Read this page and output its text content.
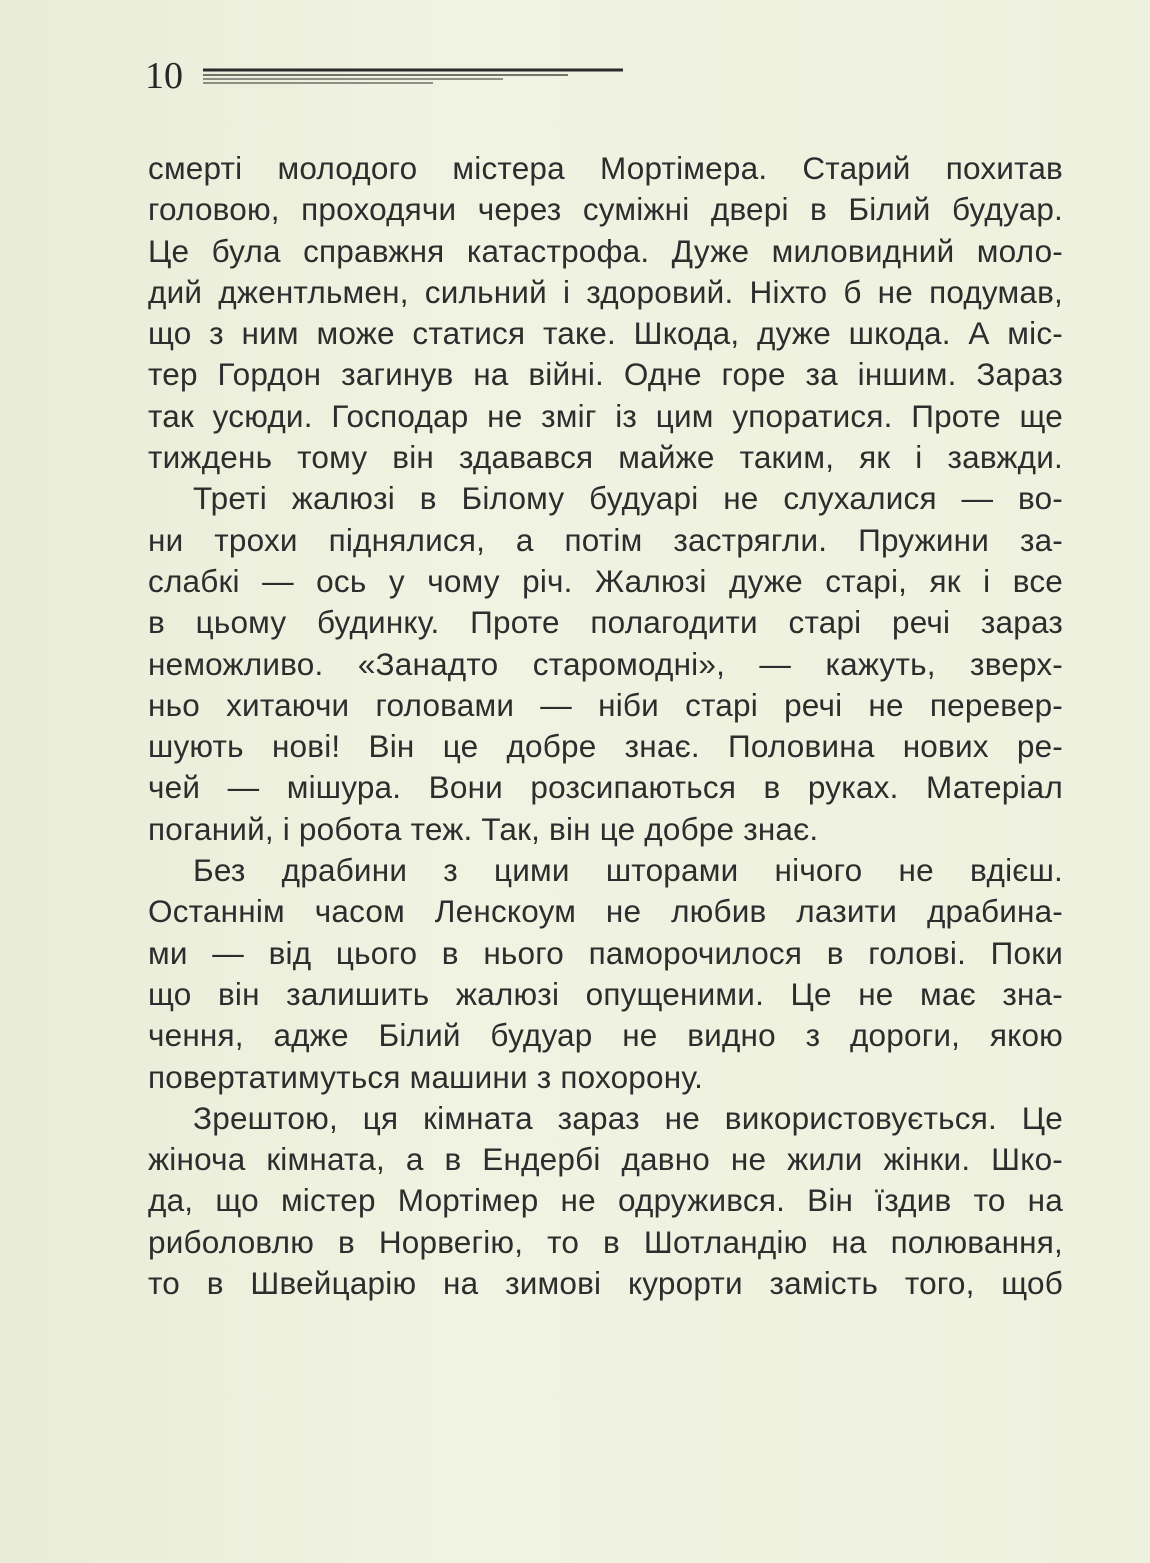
10
смерті молодого містера Мортімера. Старий похитав
головою, проходячи через суміжні двері в Білий будуар.
Це була справжня катастрофа. Дуже миловидний моло-
дий джентльмен, сильний і здоровий. Ніхто б не подумав,
що з ним може статися таке. Шкода, дуже шкода. А міс-
тер Гордон загинув на війні. Одне горе за іншим. Зараз
так усюди. Господар не зміг із цим упоратися. Проте ще
тиждень тому він здавався майже таким, як і завжди.
Треті жалюзі в Білому будуарі не слухалися — во-
ни трохи піднялися, а потім застрягли. Пружини за-
слабкі — ось у чому річ. Жалюзі дуже старі, як і все
в цьому будинку. Проте полагодити старі речі зараз
неможливо. «Занадто старомодні», — кажуть, зверх-
ньо хитаючи головами — ніби старі речі не перевер-
шують нові! Він це добре знає. Половина нових ре-
чей — мішура. Вони розсипаються в руках. Матеріал
поганий, і робота теж. Так, він це добре знає.
Без драбини з цими шторами нічого не вдієш.
Останнім часом Ленскоум не любив лазити драбина-
ми — від цього в нього паморочилося в голові. Поки
що він залишить жалюзі опущеними. Це не має зна-
чення, адже Білий будуар не видно з дороги, якою
повертатимуться машини з похорону.
Зрештою, ця кімната зараз не використовується. Це
жіноча кімната, а в Ендербі давно не жили жінки. Шко-
да, що містер Мортімер не одружився. Він їздив то на
риболовлю в Норвегію, то в Шотландію на полювання,
то в Швейцарію на зимові курорти замість того, щоб
